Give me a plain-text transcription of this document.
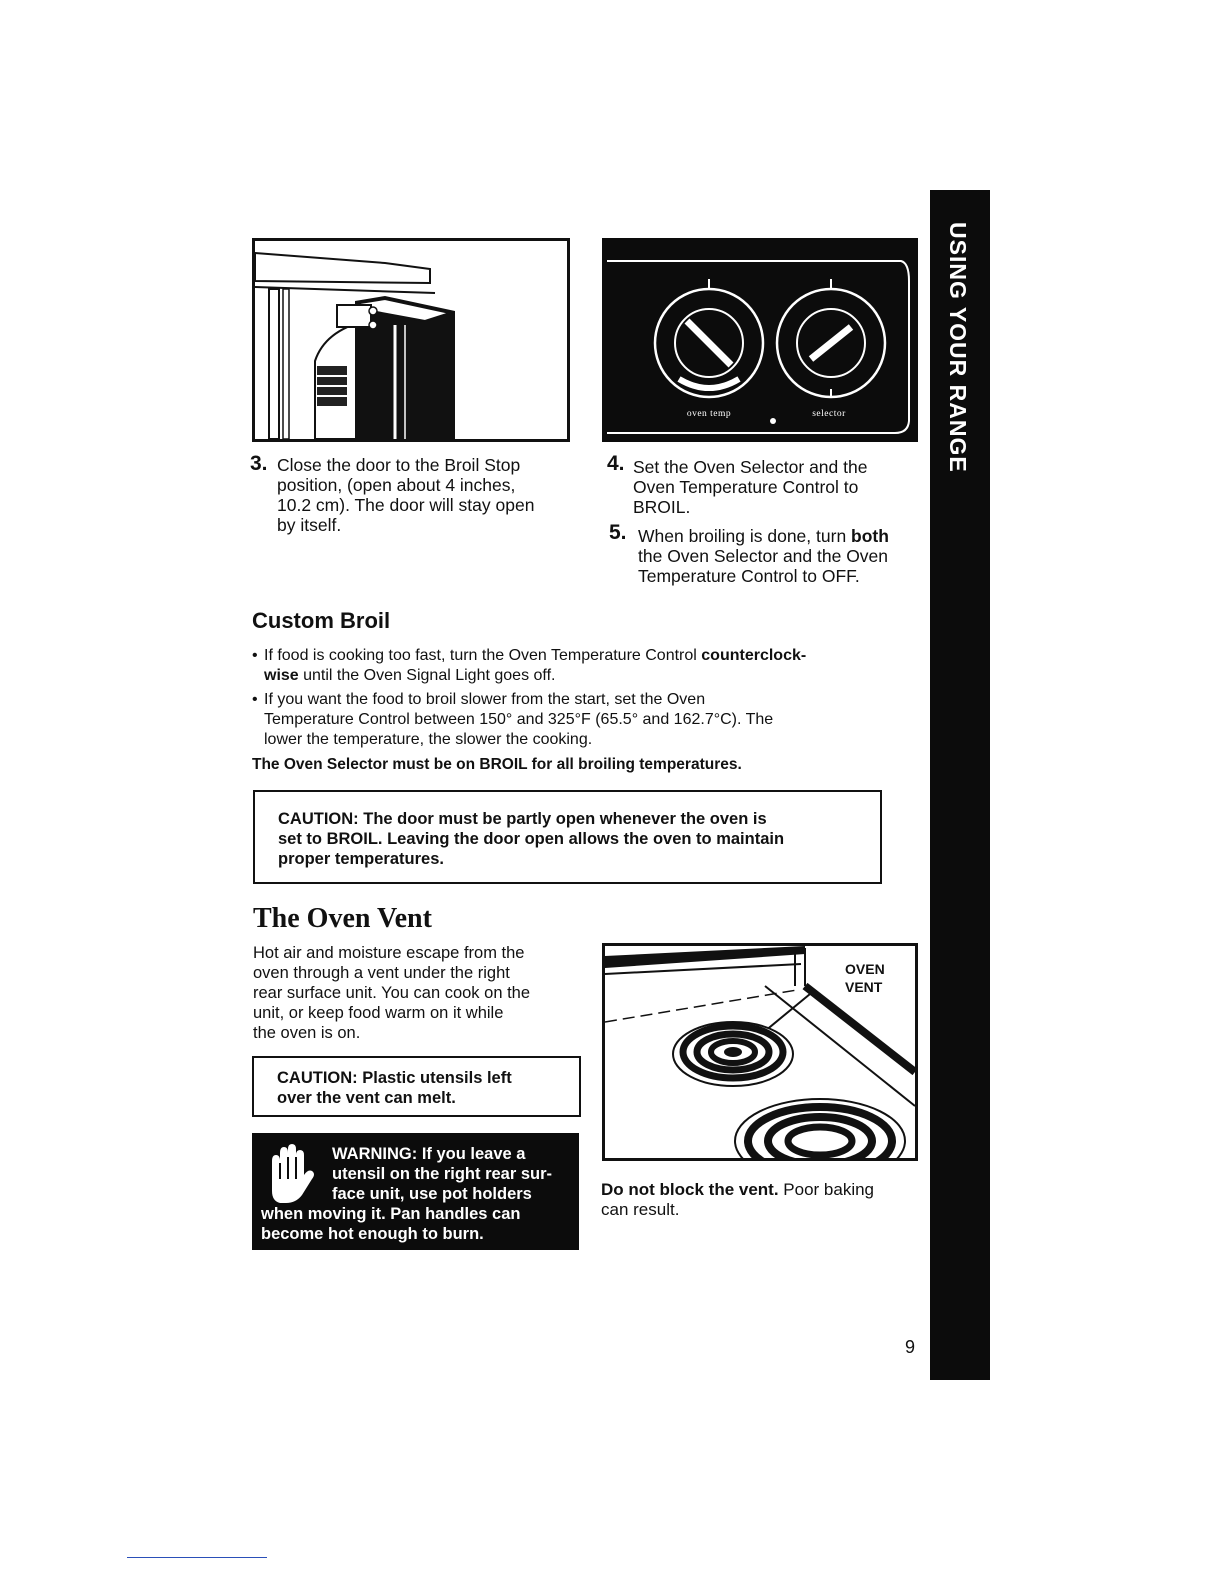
USING YOUR RANGE
oven temp	selector
3. Close the door to the Broil Stop
position, (open about 4 inches,
10.2 cm). The door will stay open
by itself.
4. Set the Oven Selector and the
Oven Temperature Control to
BROIL.
5. When broiling is done, turn both
the Oven Selector and the Oven
Temperature Control to OFF.
Custom Broil
• If food is cooking too fast, turn the Oven Temperature Control counterclock-
wise until the Oven Signal Light goes off.
• If you want the food to broil slower from the start, set the Oven
Temperature Control between 150° and 325°F (65.5° and 162.7°C). The
lower the temperature, the slower the cooking.
The Oven Selector must be on BROIL for all broiling temperatures.
CAUTION: The door must be partly open whenever the oven is
set to BROIL. Leaving the door open allows the oven to maintain
proper temperatures.
The Oven Vent
Hot air and moisture escape from the
oven through a vent under the right
rear surface unit. You can cook on the
unit, or keep food warm on it while
the oven is on.
CAUTION: Plastic utensils left
over the vent can melt.
WARNING: If you leave a
utensil on the right rear sur-
face unit, use pot holders
when moving it. Pan handles can
become hot enough to burn.
OVEN
VENT
Do not block the vent. Poor baking
can result.
9
